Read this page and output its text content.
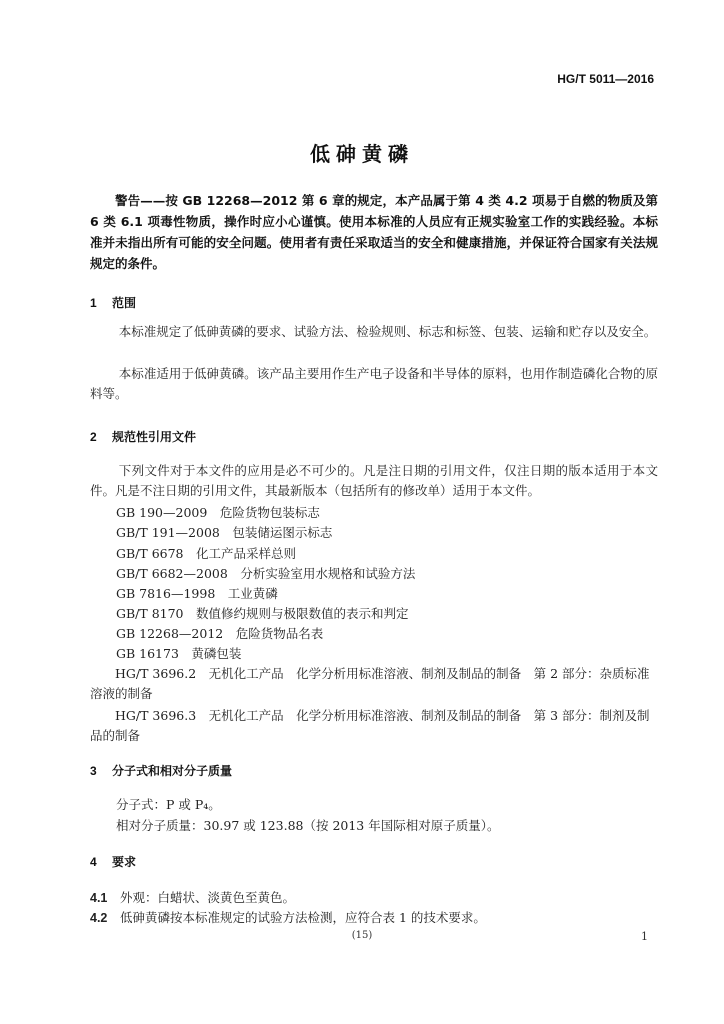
HG/T 5011—2016
低砷黄磷

警告——按 GB 12268—2012 第 6 章的规定，本产品属于第 4 类 4.2 项易于自燃的物质及第 6 类 6.1 项毒性物质，操作时应小心谨慎。使用本标准的人员应有正规实验室工作的实践经验。本标准并未指出所有可能的安全问题。使用者有责任采取适当的安全和健康措施，并保证符合国家有关法规规定的条件。

1 范围

本标准规定了低砷黄磷的要求、试验方法、检验规则、标志和标签、包装、运输和贮存以及安全。

本标准适用于低砷黄磷。该产品主要用作生产电子设备和半导体的原料，也用作制造磷化合物的原料等。

2 规范性引用文件

下列文件对于本文件的应用是必不可少的。凡是注日期的引用文件，仅注日期的版本适用于本文件。凡是不注日期的引用文件，其最新版本（包括所有的修改单）适用于本文件。

GB 190—2009　危险货物包装标志
GB/T 191—2008　包装储运图示标志
GB/T 6678　化工产品采样总则
GB/T 6682—2008　分析实验室用水规格和试验方法
GB 7816—1998　工业黄磷
GB/T 8170　数值修约规则与极限数值的表示和判定
GB 12268—2012　危险货物品名表
GB 16173　黄磷包装

HG/T 3696.2　无机化工产品　化学分析用标准溶液、制剂及制品的制备　第 2 部分：杂质标准溶液的制备

HG/T 3696.3　无机化工产品　化学分析用标准溶液、制剂及制品的制备　第 3 部分：制剂及制品的制备

3 分子式和相对分子质量
分子式：P 或 P₄。
相对分子质量：30.97 或 123.88（按 2013 年国际相对原子质量）。
4 要求
4.1 外观：白蜡状、淡黄色至黄色。
4.2 低砷黄磷按本标准规定的试验方法检测，应符合表 1 的技术要求。
(15)	1
